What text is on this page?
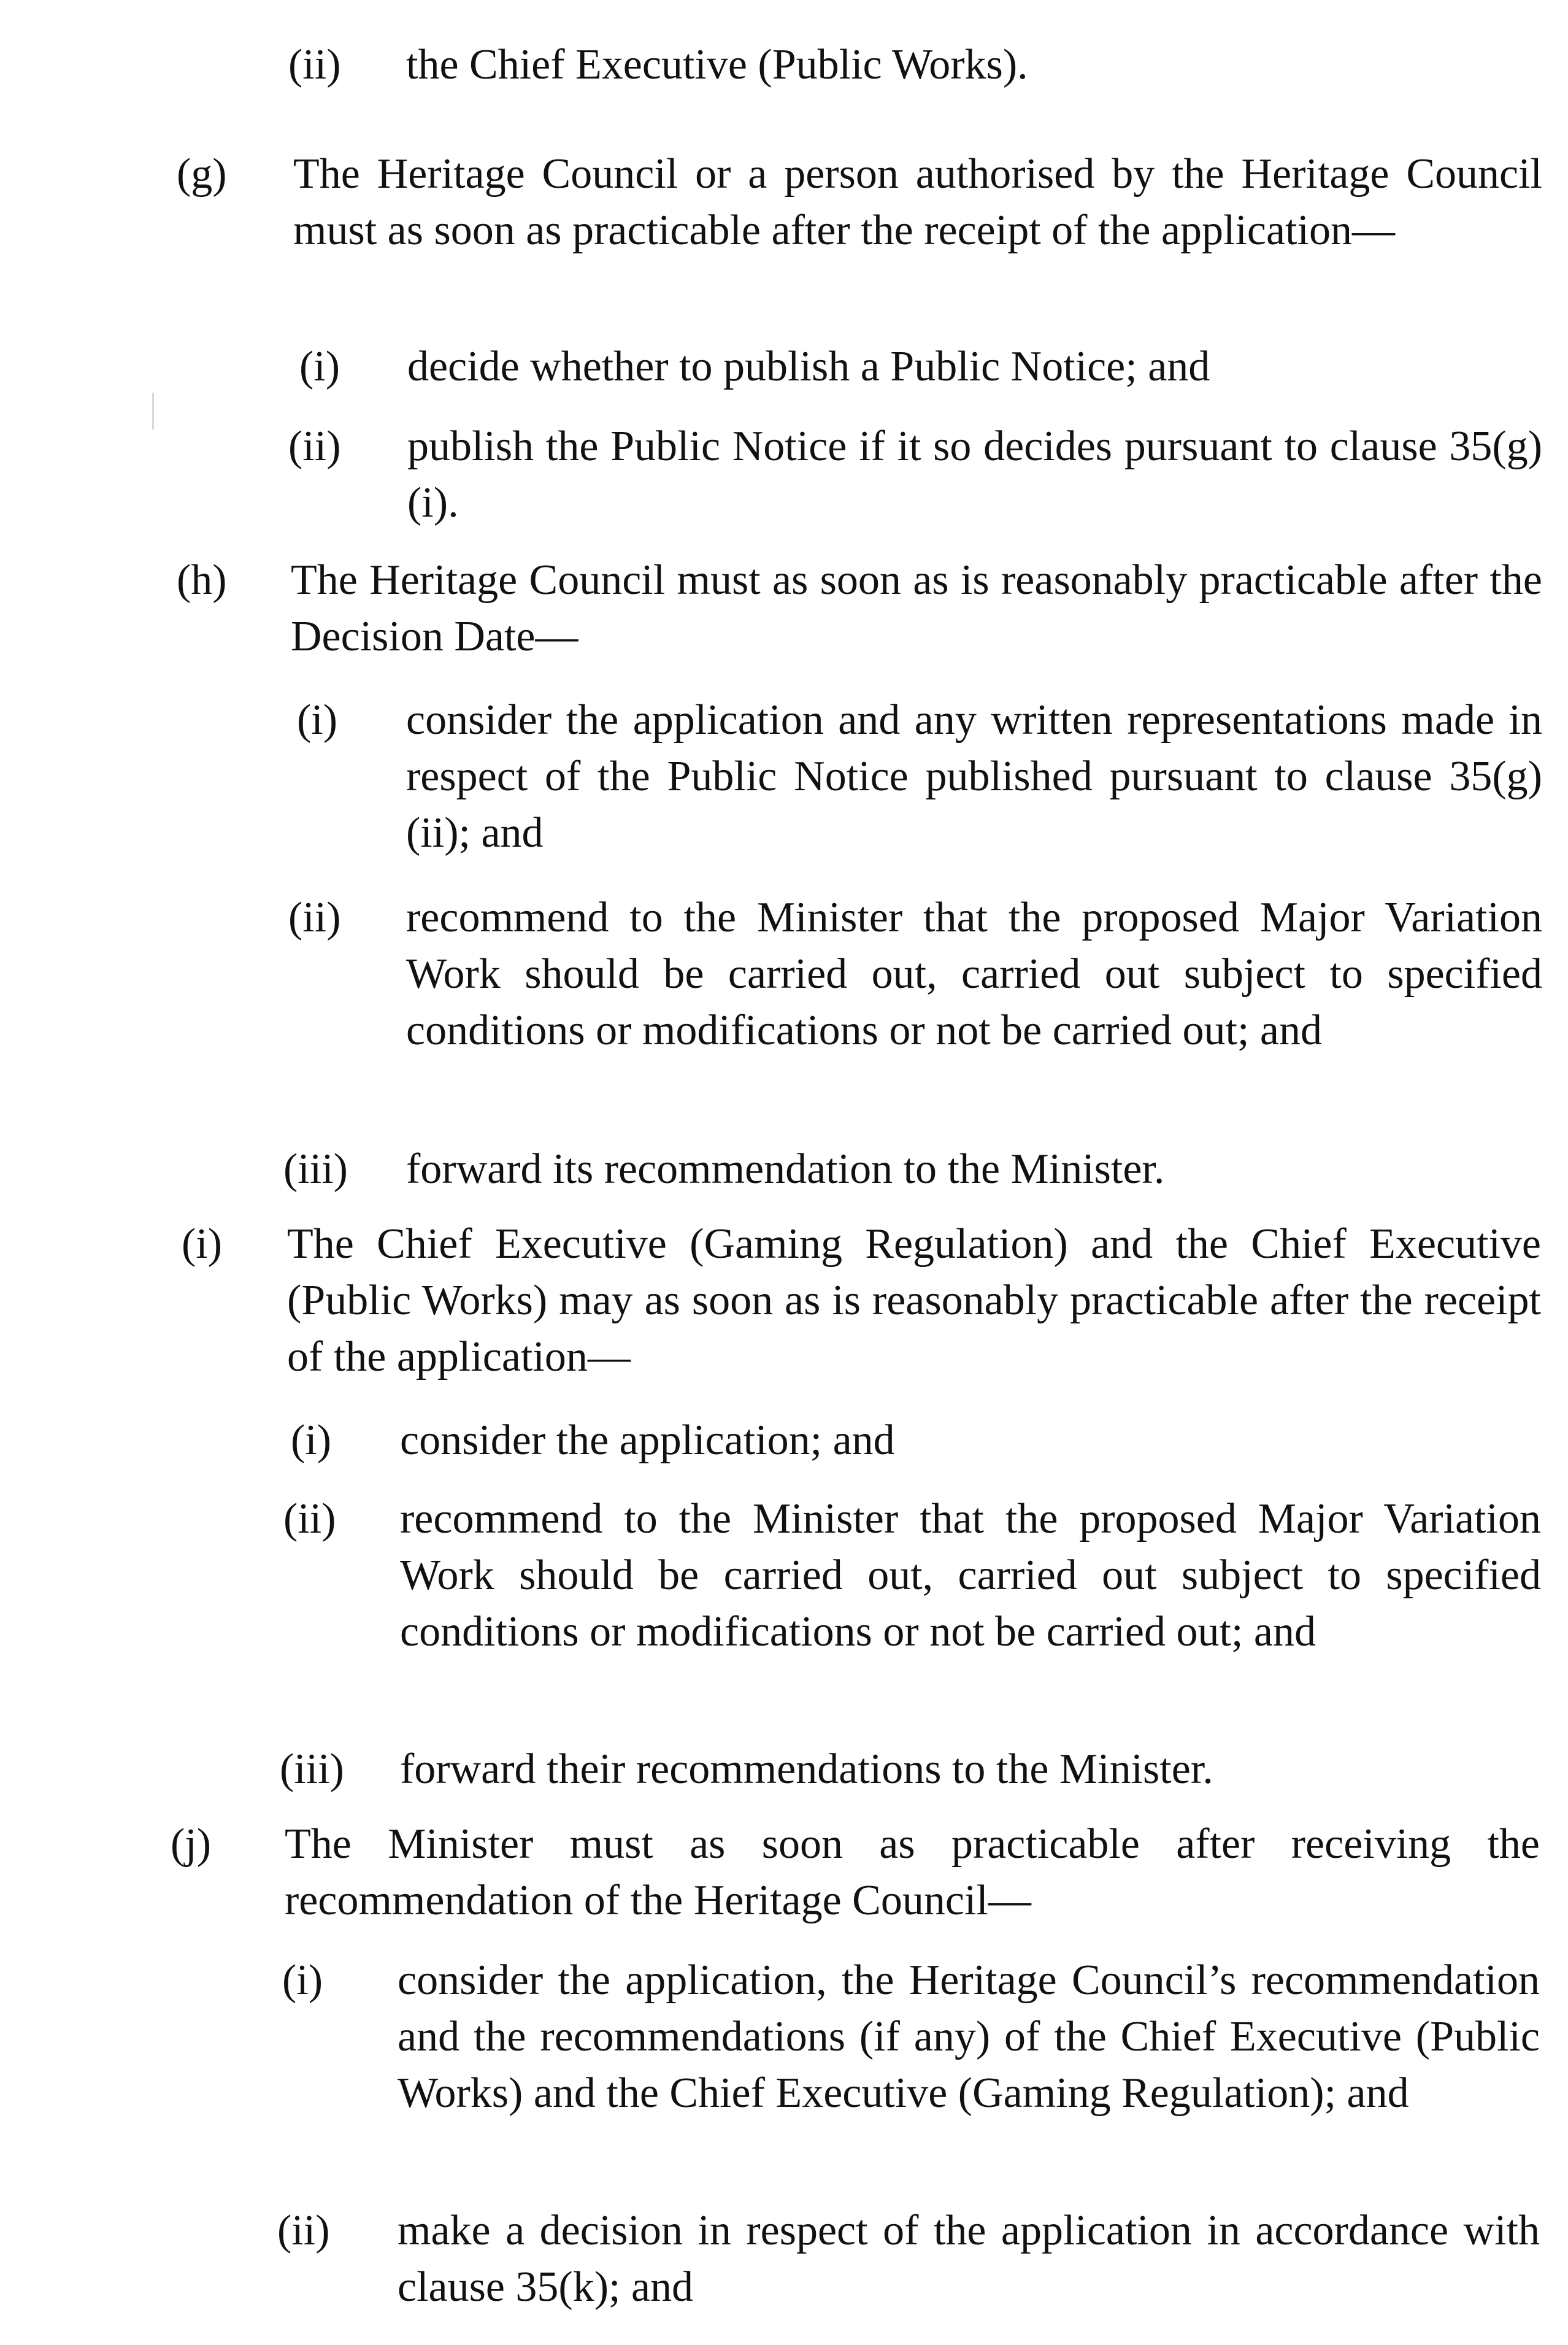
(ii) the Chief Executive (Public Works).
(g) The Heritage Council or a person authorised by the Heritage Council must as soon as practicable after the receipt of the application—
(i) decide whether to publish a Public Notice; and
(ii) publish the Public Notice if it so decides pursuant to clause 35(g)(i).
(h) The Heritage Council must as soon as is reasonably practicable after the Decision Date—
(i) consider the application and any written representations made in respect of the Public Notice published pursuant to clause 35(g)(ii); and
(ii) recommend to the Minister that the proposed Major Variation Work should be carried out, carried out subject to specified conditions or modifications or not be carried out; and
(iii) forward its recommendation to the Minister.
(i) The Chief Executive (Gaming Regulation) and the Chief Executive (Public Works) may as soon as is reasonably practicable after the receipt of the application—
(i) consider the application; and
(ii) recommend to the Minister that the proposed Major Variation Work should be carried out, carried out subject to specified conditions or modifications or not be carried out; and
(iii) forward their recommendations to the Minister.
(j) The Minister must as soon as practicable after receiving the recommendation of the Heritage Council—
(i) consider the application, the Heritage Council’s recommendation and the recommendations (if any) of the Chief Executive (Public Works) and the Chief Executive (Gaming Regulation); and
(ii) make a decision in respect of the application in accordance with clause 35(k); and
